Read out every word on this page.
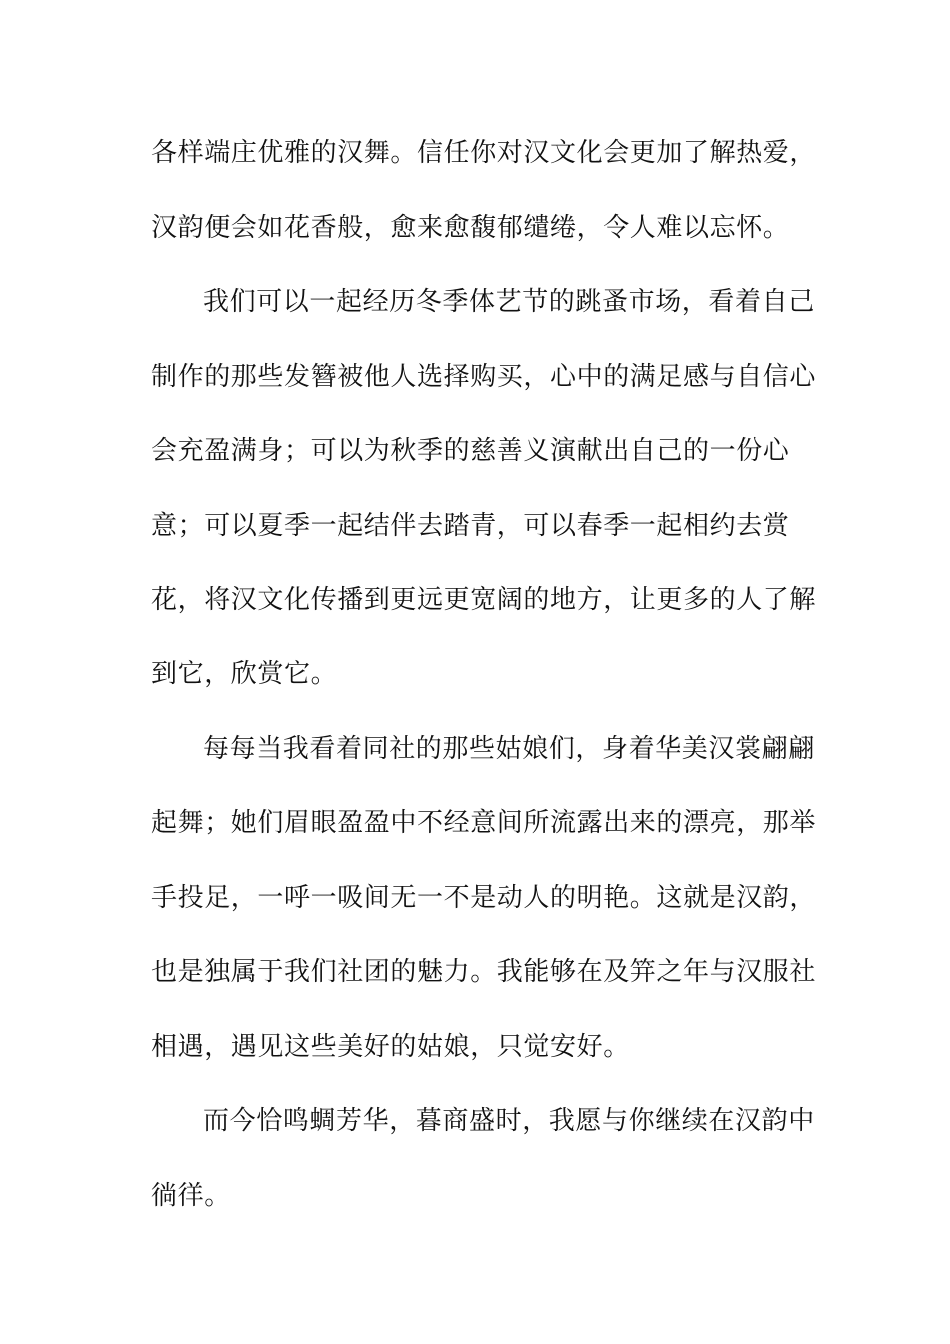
各样端庄优雅的汉舞。信任你对汉文化会更加了解热爱，
汉韵便会如花香般，愈来愈馥郁缱绻，令人难以忘怀。
我们可以一起经历冬季体艺节的跳蚤市场，看着自己
制作的那些发簪被他人选择购买，心中的满足感与自信心
会充盈满身；可以为秋季的慈善义演献出自己的一份心
意；可以夏季一起结伴去踏青，可以春季一起相约去赏
花，将汉文化传播到更远更宽阔的地方，让更多的人了解
到它，欣赏它。
每每当我看着同社的那些姑娘们，身着华美汉裳翩翩
起舞；她们眉眼盈盈中不经意间所流露出来的漂亮，那举
手投足，一呼一吸间无一不是动人的明艳。这就是汉韵，
也是独属于我们社团的魅力。我能够在及笄之年与汉服社
相遇，遇见这些美好的姑娘，只觉安好。
而今恰鸣蜩芳华，暮商盛时，我愿与你继续在汉韵中
徜徉。
